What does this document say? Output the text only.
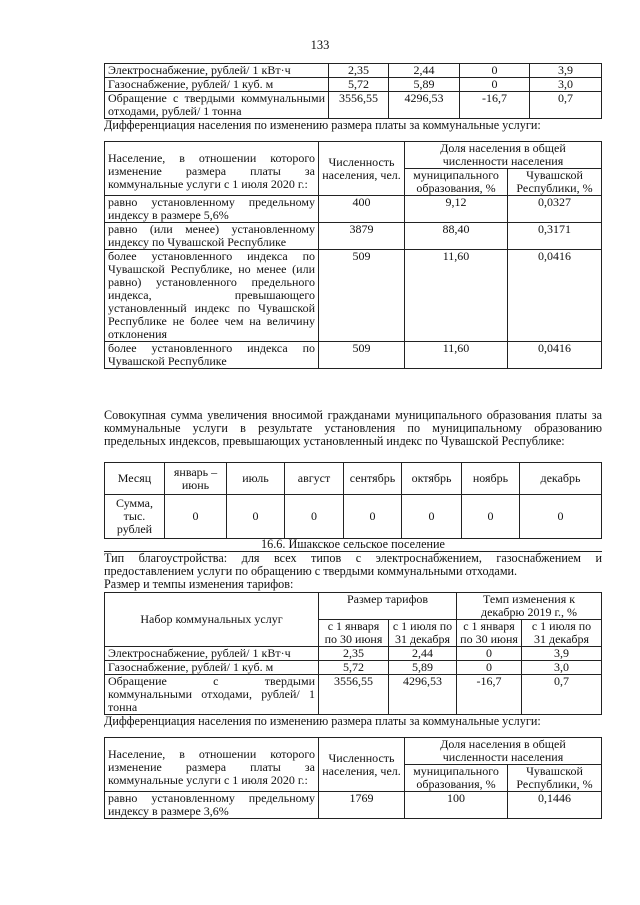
133
Электроснабжение, рублей/ 1 кВт·ч	2,35	2,44	0	3,9
Газоснабжение, рублей/ 1 куб. м	5,72	5,89	0	3,0
Обращение с твердыми коммунальными отходами, рублей/ 1 тонна	3556,55	4296,53	-16,7	0,7
Дифференциация населения по изменению размера платы за коммунальные услуги:
Население, в отношении которого изменение размера платы за коммунальные услуги с 1 июля 2020 г.:	Численность населения, чел.	Доля населения в общей численности населения	
		муниципального образования, %	Чувашской Республики, %
равно установленному предельному индексу в размере 5,6%	400	9,12	0,0327
равно (или менее) установленному индексу по Чувашской Республике	3879	88,40	0,3171
более установленного индекса по Чувашской Республике, но менее (или равно) установленного предельного индекса, превышающего установленный индекс по Чувашской Республике не более чем на величину отклонения	509	11,60	0,0416
более установленного индекса по Чувашской Республике	509	11,60	0,0416
Совокупная сумма увеличения вносимой гражданами муниципального образования платы за коммунальные услуги в результате установления по муниципальному образованию предельных индексов, превышающих установленный индекс по Чувашской Республике:
Месяц	январь – июнь	июль	август	сентябрь	октябрь	ноябрь	декабрь
Сумма, тыс. рублей	0	0	0	0	0	0	0
16.6. Ишакское сельское поселение
Тип благоустройства: для всех типов с электроснабжением, газоснабжением и предоставлением услуги по обращению с твердыми коммунальными отходами.
Размер и темпы изменения тарифов:
Набор коммунальных услуг	Размер тарифов		Темп изменения к декабрю 2019 г., %	
	с 1 января по 30 июня	с 1 июля по 31 декабря	с 1 января по 30 июня	с 1 июля по 31 декабря
Электроснабжение, рублей/ 1 кВт·ч	2,35	2,44	0	3,9
Газоснабжение, рублей/ 1 куб. м	5,72	5,89	0	3,0
Обращение с твердыми коммунальными отходами, рублей/ 1 тонна	3556,55	4296,53	-16,7	0,7
Дифференциация населения по изменению размера платы за коммунальные услуги:
Население, в отношении которого изменение размера платы за коммунальные услуги с 1 июля 2020 г.:	Численность населения, чел.	Доля населения в общей численности населения	
		муниципального образования, %	Чувашской Республики, %
равно установленному предельному индексу в размере 3,6%	1769	100	0,1446
